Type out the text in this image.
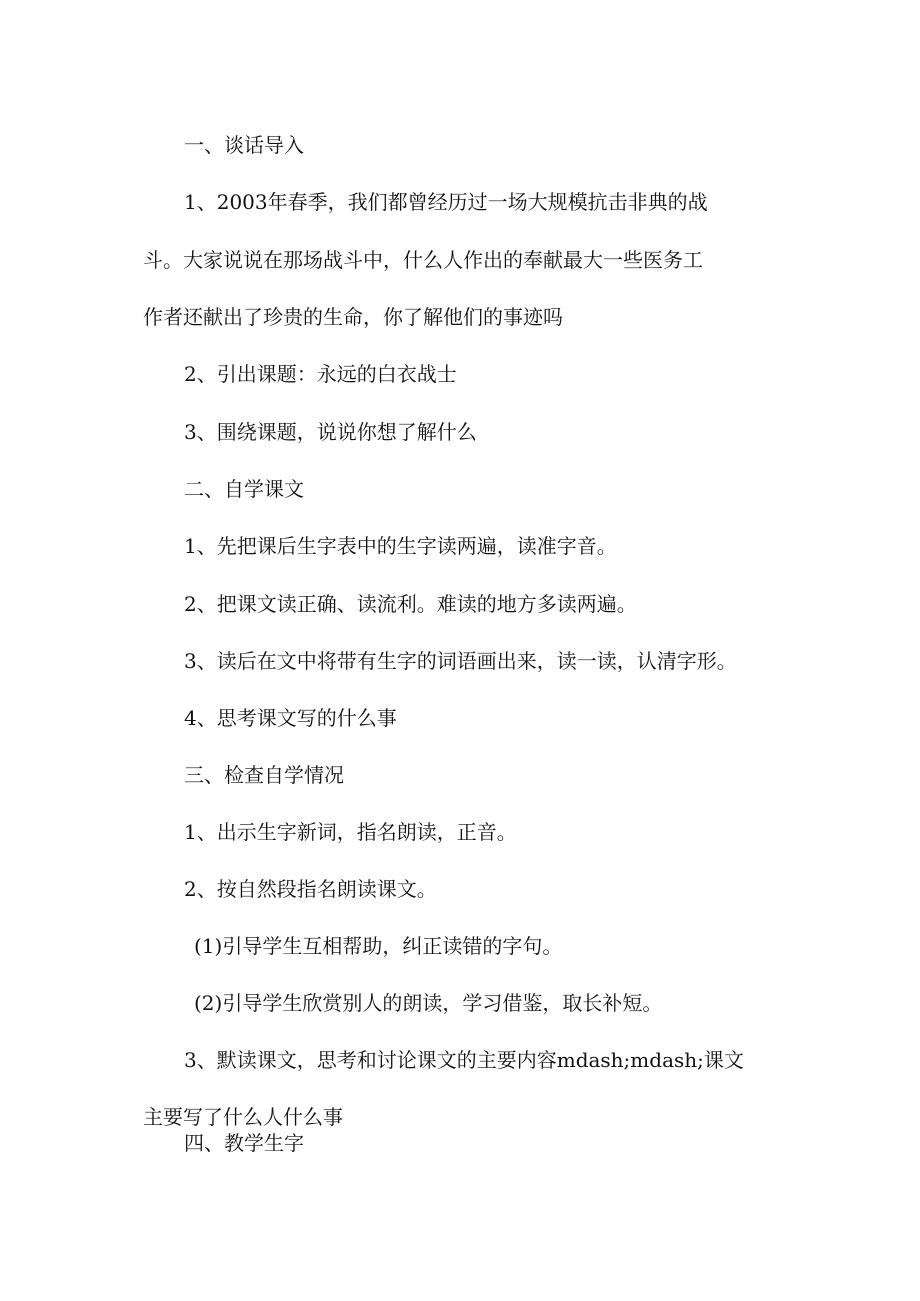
一、谈话导入

1、2003年春季，我们都曾经历过一场大规模抗击非典的战

斗。大家说说在那场战斗中，什么人作出的奉献最大一些医务工

作者还献出了珍贵的生命，你了解他们的事迹吗

2、引出课题：永远的白衣战士

3、围绕课题，说说你想了解什么

二、自学课文

1、先把课后生字表中的生字读两遍，读准字音。

2、把课文读正确、读流利。难读的地方多读两遍。

3、读后在文中将带有生字的词语画出来，读一读，认清字形。

4、思考课文写的什么事

三、检查自学情况

1、出示生字新词，指名朗读，正音。

2、按自然段指名朗读课文。

(1)引导学生互相帮助，纠正读错的字句。

(2)引导学生欣赏别人的朗读，学习借鉴，取长补短。

3、默读课文，思考和讨论课文的主要内容mdash;mdash;课文

主要写了什么人什么事

四、教学生字
